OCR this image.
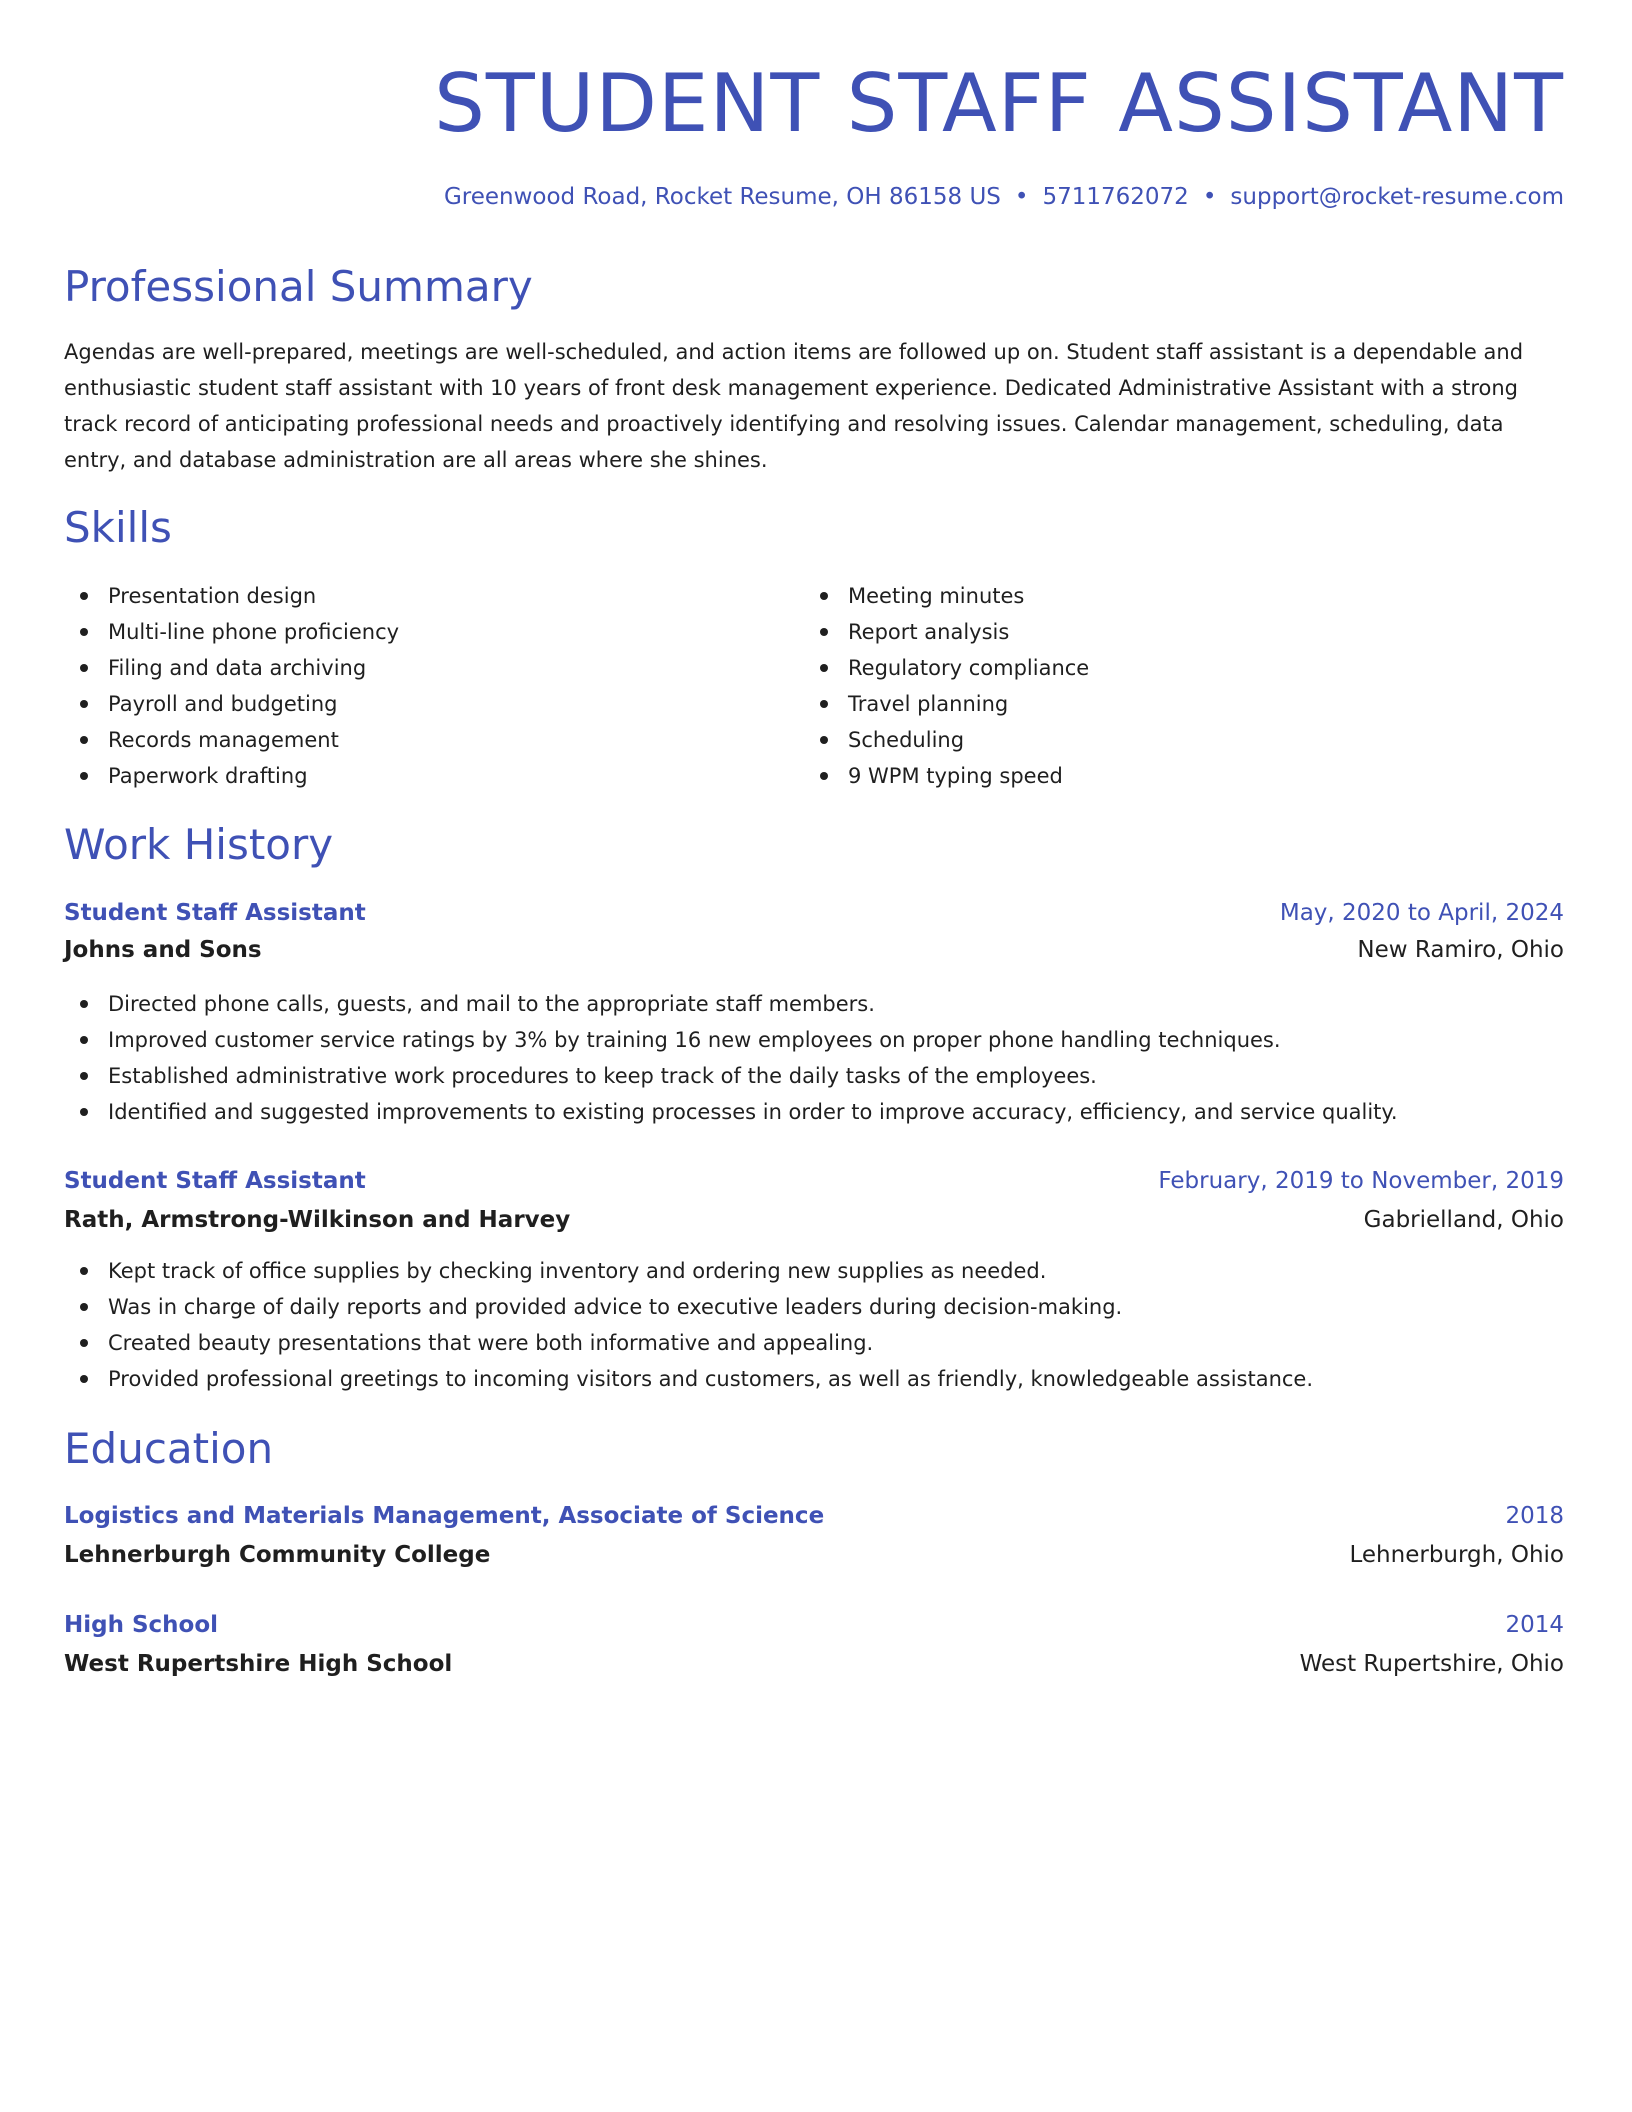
STUDENT STAFF ASSISTANT
Greenwood Road, Rocket Resume, OH 86158 US • 5711762072 • support@rocket-resume.com
Professional Summary
Agendas are well-prepared, meetings are well-scheduled, and action items are followed up on. Student staff assistant is a dependable and enthusiastic student staff assistant with 10 years of front desk management experience. Dedicated Administrative Assistant with a strong track record of anticipating professional needs and proactively identifying and resolving issues. Calendar management, scheduling, data entry, and database administration are all areas where she shines.
Skills
Presentation design
Multi-line phone proficiency
Filing and data archiving
Payroll and budgeting
Records management
Paperwork drafting
Meeting minutes
Report analysis
Regulatory compliance
Travel planning
Scheduling
9 WPM typing speed
Work History
Student Staff Assistant	May, 2020 to April, 2024
Johns and Sons	New Ramiro, Ohio
Directed phone calls, guests, and mail to the appropriate staff members.
Improved customer service ratings by 3% by training 16 new employees on proper phone handling techniques.
Established administrative work procedures to keep track of the daily tasks of the employees.
Identified and suggested improvements to existing processes in order to improve accuracy, efficiency, and service quality.
Student Staff Assistant	February, 2019 to November, 2019
Rath, Armstrong-Wilkinson and Harvey	Gabrielland, Ohio
Kept track of office supplies by checking inventory and ordering new supplies as needed.
Was in charge of daily reports and provided advice to executive leaders during decision-making.
Created beauty presentations that were both informative and appealing.
Provided professional greetings to incoming visitors and customers, as well as friendly, knowledgeable assistance.
Education
Logistics and Materials Management, Associate of Science	2018
Lehnerburgh Community College	Lehnerburgh, Ohio
High School	2014
West Rupertshire High School	West Rupertshire, Ohio
